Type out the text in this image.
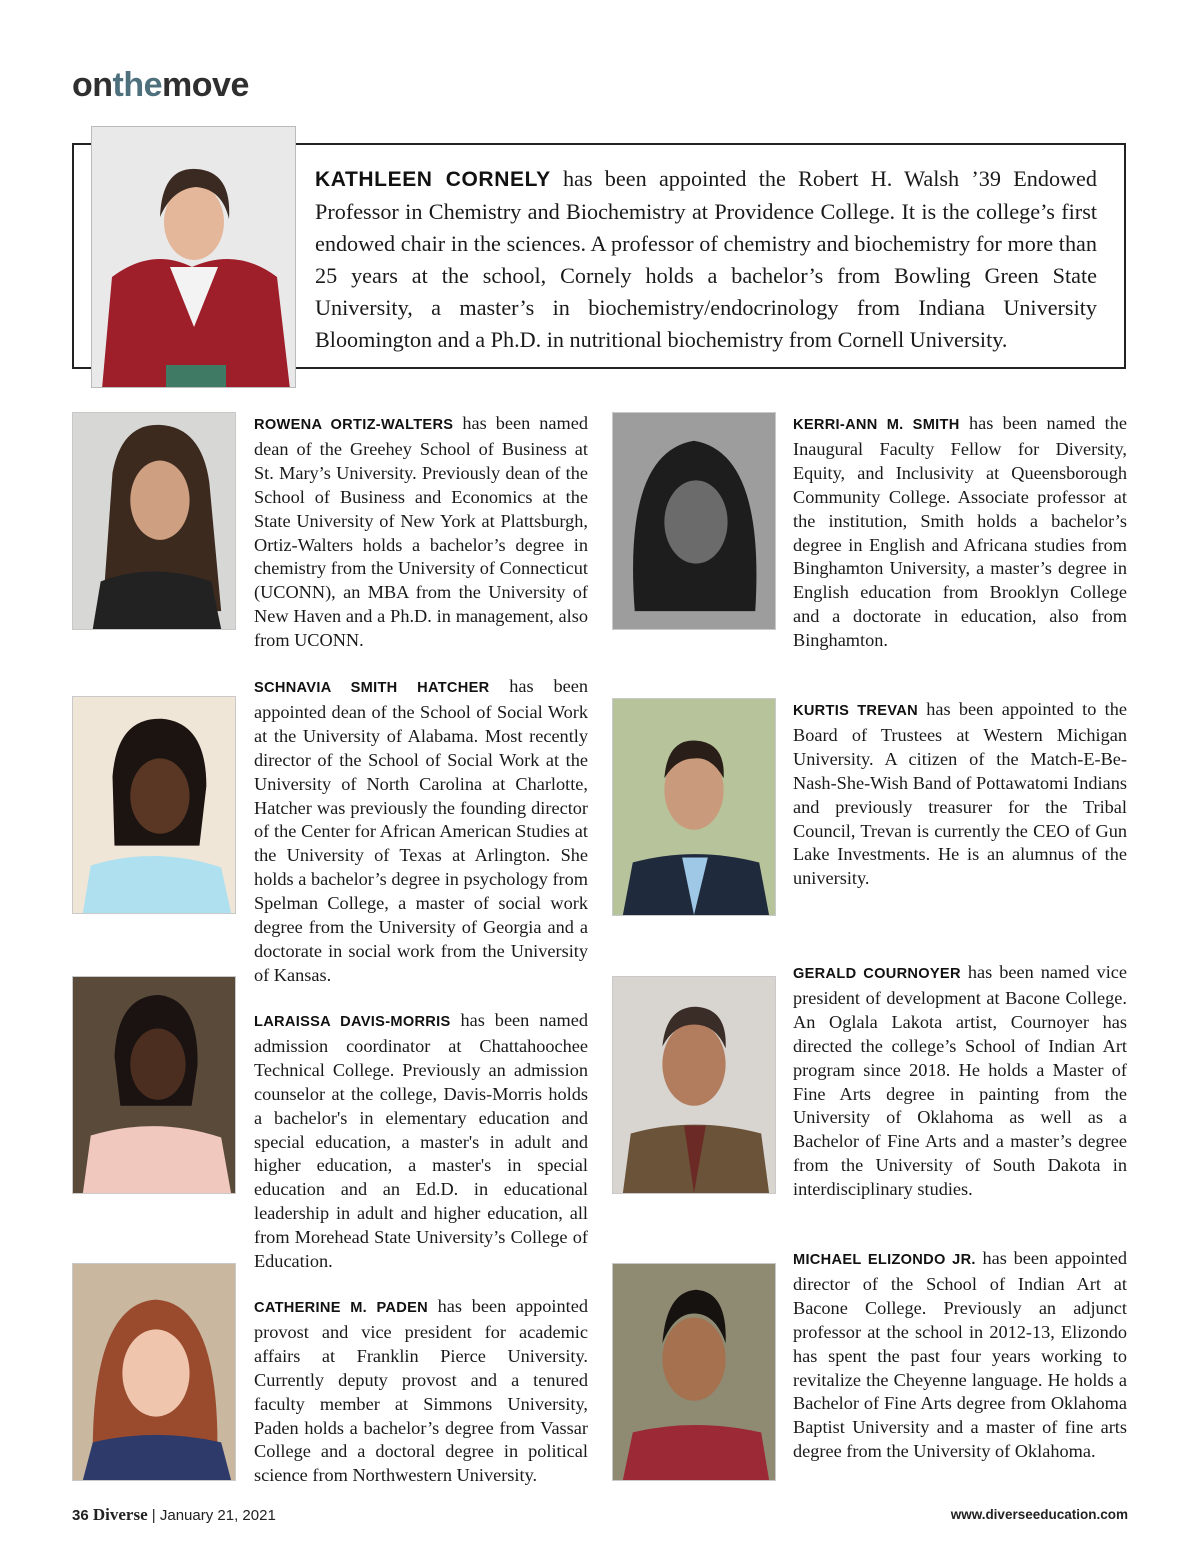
onthemove
KATHLEEN CORNELY has been appointed the Robert H. Walsh ’39 Endowed Professor in Chemistry and Biochemistry at Providence College. It is the college’s first endowed chair in the sciences. A professor of chemistry and biochemistry for more than 25 years at the school, Cornely holds a bachelor’s from Bowling Green State University, a master’s in biochemistry/endocrinology from Indiana University Bloomington and a Ph.D. in nutritional biochemistry from Cornell University.
ROWENA ORTIZ-WALTERS has been named dean of the Greehey School of Business at St. Mary’s University. Previously dean of the School of Business and Economics at the State University of New York at Plattsburgh, Ortiz-Walters holds a bachelor’s degree in chemistry from the University of Connecticut (UCONN), an MBA from the University of New Haven and a Ph.D. in management, also from UCONN.
SCHNAVIA SMITH HATCHER has been appointed dean of the School of Social Work at the University of Alabama. Most recently director of the School of Social Work at the University of North Carolina at Charlotte, Hatcher was previously the founding director of the Center for African American Studies at the University of Texas at Arlington. She holds a bachelor’s degree in psychology from Spelman College, a master of social work degree from the University of Georgia and a doctorate in social work from the University of Kansas.
LARAISSA DAVIS-MORRIS has been named admission coordinator at Chattahoochee Technical College. Previously an admission counselor at the college, Davis-Morris holds a bachelor's in elementary education and special education, a master's in adult and higher education, a master's in special education and an Ed.D. in educational leadership in adult and higher education, all from Morehead State University’s College of Education.
CATHERINE M. PADEN has been appointed provost and vice president for academic affairs at Franklin Pierce University. Currently deputy provost and a tenured faculty member at Simmons University, Paden holds a bachelor’s degree from Vassar College and a doctoral degree in political science from Northwestern University.
KERRI-ANN M. SMITH has been named the Inaugural Faculty Fellow for Diversity, Equity, and Inclusivity at Queensborough Community College. Associate professor at the institution, Smith holds a bachelor’s degree in English and Africana studies from Binghamton University, a master’s degree in English education from Brooklyn College and a doctorate in education, also from Binghamton.
KURTIS TREVAN has been appointed to the Board of Trustees at Western Michigan University. A citizen of the Match-E-Be-Nash-She-Wish Band of Pottawatomi Indians and previously treasurer for the Tribal Council, Trevan is currently the CEO of Gun Lake Investments. He is an alumnus of the university.
GERALD COURNOYER has been named vice president of development at Bacone College. An Oglala Lakota artist, Cournoyer has directed the college’s School of Indian Art program since 2018. He holds a Master of Fine Arts degree in painting from the University of Oklahoma as well as a Bachelor of Fine Arts and a master’s degree from the University of South Dakota in interdisciplinary studies.
MICHAEL ELIZONDO JR. has been appointed director of the School of Indian Art at Bacone College. Previously an adjunct professor at the school in 2012-13, Elizondo has spent the past four years working to revitalize the Cheyenne language. He holds a Bachelor of Fine Arts degree from Oklahoma Baptist University and a master of fine arts degree from the University of Oklahoma.
36 Diverse | January 21, 2021	www.diverseeducation.com
